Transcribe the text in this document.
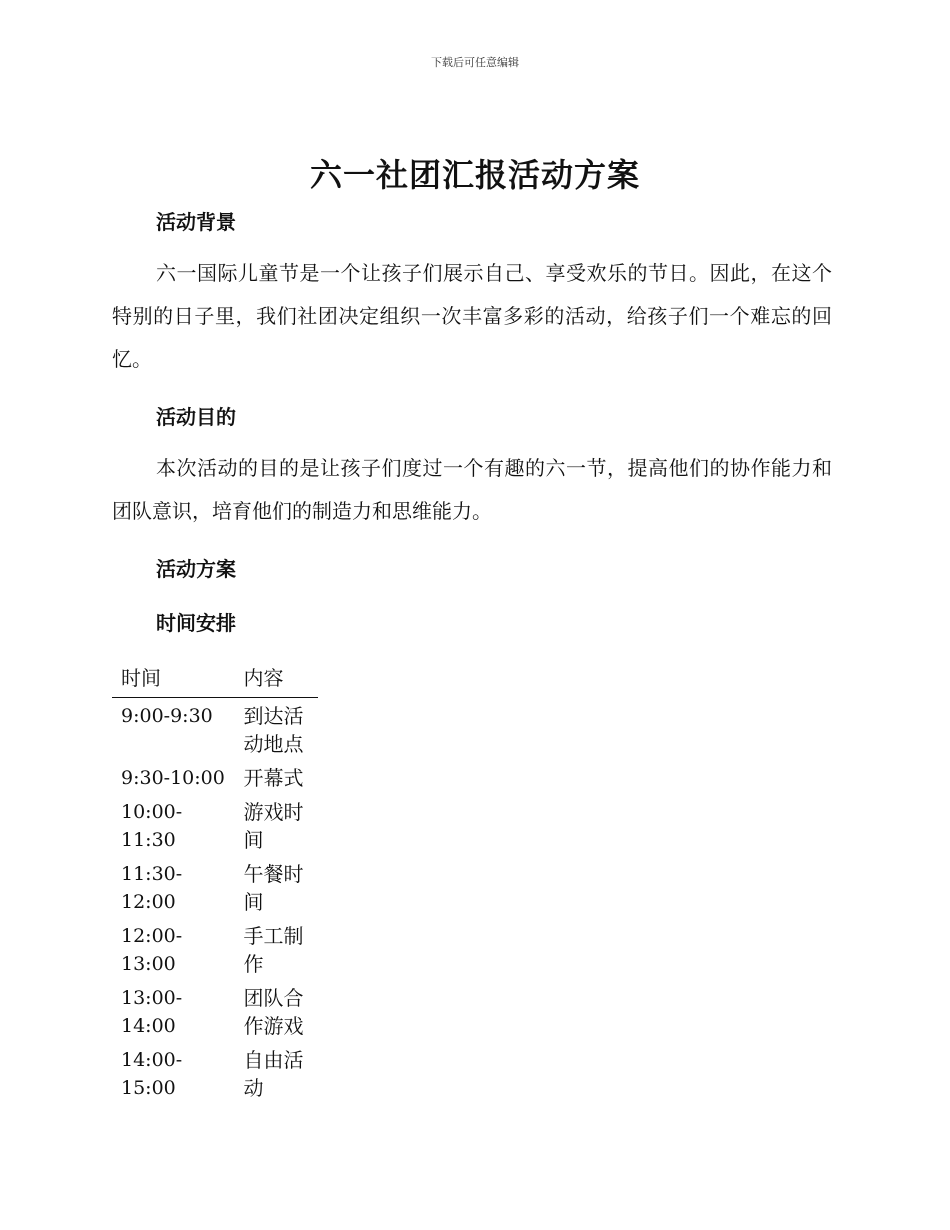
下载后可任意编辑
六一社团汇报活动方案
活动背景

六一国际儿童节是一个让孩子们展示自己、享受欢乐的节日。因此，在这个特别的日子里，我们社团决定组织一次丰富多彩的活动，给孩子们一个难忘的回忆。

活动目的

本次活动的目的是让孩子们度过一个有趣的六一节，提高他们的协作能力和团队意识，培育他们的制造力和思维能力。

活动方案
时间安排
时间	内容
9:00-9:30	到达活动地点
9:30-10:00	开幕式
10:00-11:30	游戏时间
11:30-12:00	午餐时间
12:00-13:00	手工制作
13:00-14:00	团队合作游戏
14:00-15:00	自由活动
